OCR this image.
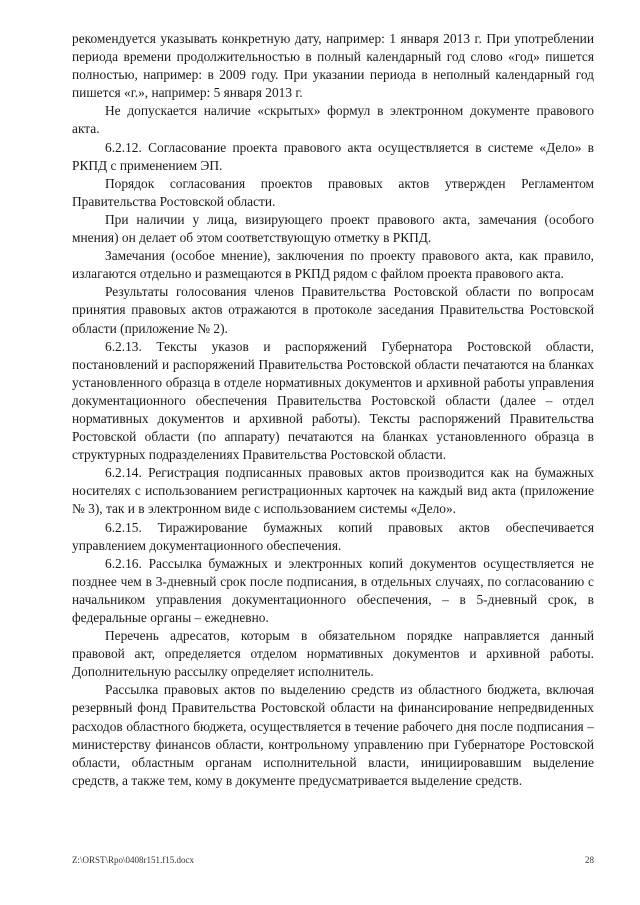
рекомендуется указывать конкретную дату, например: 1 января 2013 г. При употреблении периода времени продолжительностью в полный календарный год слово «год» пишется полностью, например: в 2009 году. При указании периода в неполный календарный год пишется «г.», например: 5 января 2013 г.

Не допускается наличие «скрытых» формул в электронном документе правового акта.

6.2.12. Согласование проекта правового акта осуществляется в системе «Дело» в РКПД с применением ЭП.

Порядок согласования проектов правовых актов утвержден Регламентом Правительства Ростовской области.

При наличии у лица, визирующего проект правового акта, замечания (особого мнения) он делает об этом соответствующую отметку в РКПД.

Замечания (особое мнение), заключения по проекту правового акта, как правило, излагаются отдельно и размещаются в РКПД рядом с файлом проекта правового акта.

Результаты голосования членов Правительства Ростовской области по вопросам принятия правовых актов отражаются в протоколе заседания Правительства Ростовской области (приложение № 2).

6.2.13. Тексты указов и распоряжений Губернатора Ростовской области, постановлений и распоряжений Правительства Ростовской области печатаются на бланках установленного образца в отделе нормативных документов и архивной работы управления документационного обеспечения Правительства Ростовской области (далее – отдел нормативных документов и архивной работы). Тексты распоряжений Правительства Ростовской области (по аппарату) печатаются на бланках установленного образца в структурных подразделениях Правительства Ростовской области.

6.2.14. Регистрация подписанных правовых актов производится как на бумажных носителях с использованием регистрационных карточек на каждый вид акта (приложение № 3), так и в электронном виде с использованием системы «Дело».

6.2.15. Тиражирование бумажных копий правовых актов обеспечивается управлением документационного обеспечения.

6.2.16. Рассылка бумажных и электронных копий документов осуществляется не позднее чем в 3-дневный срок после подписания, в отдельных случаях, по согласованию с начальником управления документационного обеспечения, – в 5-дневный срок, в федеральные органы – ежедневно.

Перечень адресатов, которым в обязательном порядке направляется данный правовой акт, определяется отделом нормативных документов и архивной работы. Дополнительную рассылку определяет исполнитель.

Рассылка правовых актов по выделению средств из областного бюджета, включая резервный фонд Правительства Ростовской области на финансирование непредвиденных расходов областного бюджета, осуществляется в течение рабочего дня после подписания – министерству финансов области, контрольному управлению при Губернаторе Ростовской области, областным органам исполнительной власти, инициировавшим выделение средств, а также тем, кому в документе предусматривается выделение средств.

Z:\ORST\Rpo\0408r151.f15.docx	28
